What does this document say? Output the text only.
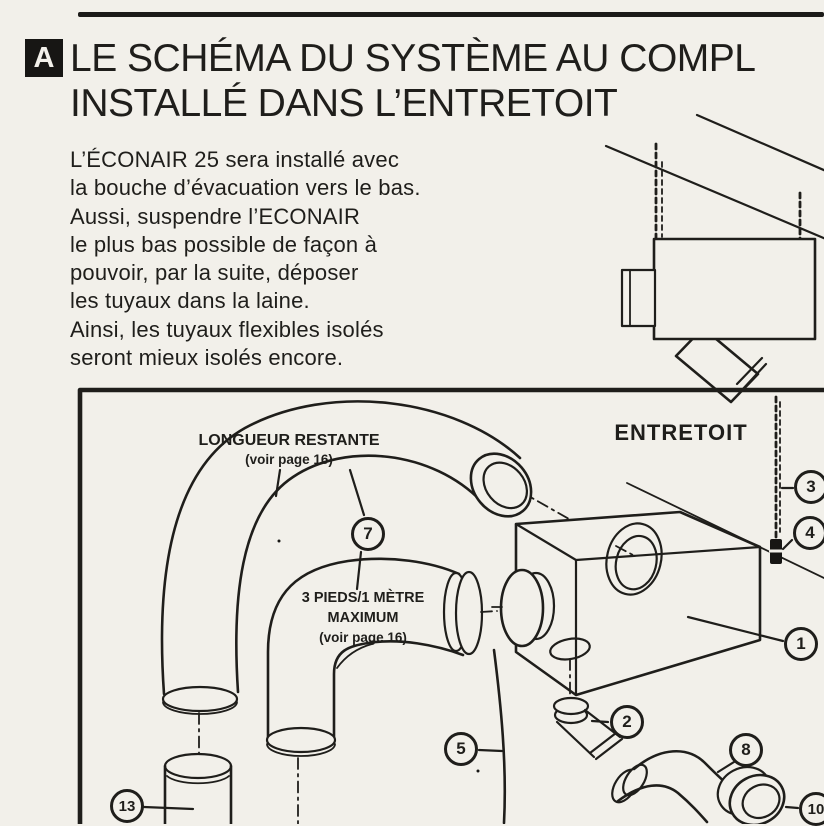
A LE SCHÉMA DU SYSTÈME AU COMPL
INSTALLÉ DANS L’ENTRETOIT
L’ÉCONAIR 25 sera installé avec
la bouche d’évacuation vers le bas.
Aussi, suspendre l’ECONAIR
le plus bas possible de façon à
pouvoir, par la suite, déposer
les tuyaux dans la laine.
Ainsi, les tuyaux flexibles isolés
seront mieux isolés encore.
ENTRETOIT
LONGUEUR RESTANTE
(voir page 16)
3 PIEDS/1 MÈTRE
MAXIMUM
(voir page 16)	1
2
3
4
5
7
8
10
13
